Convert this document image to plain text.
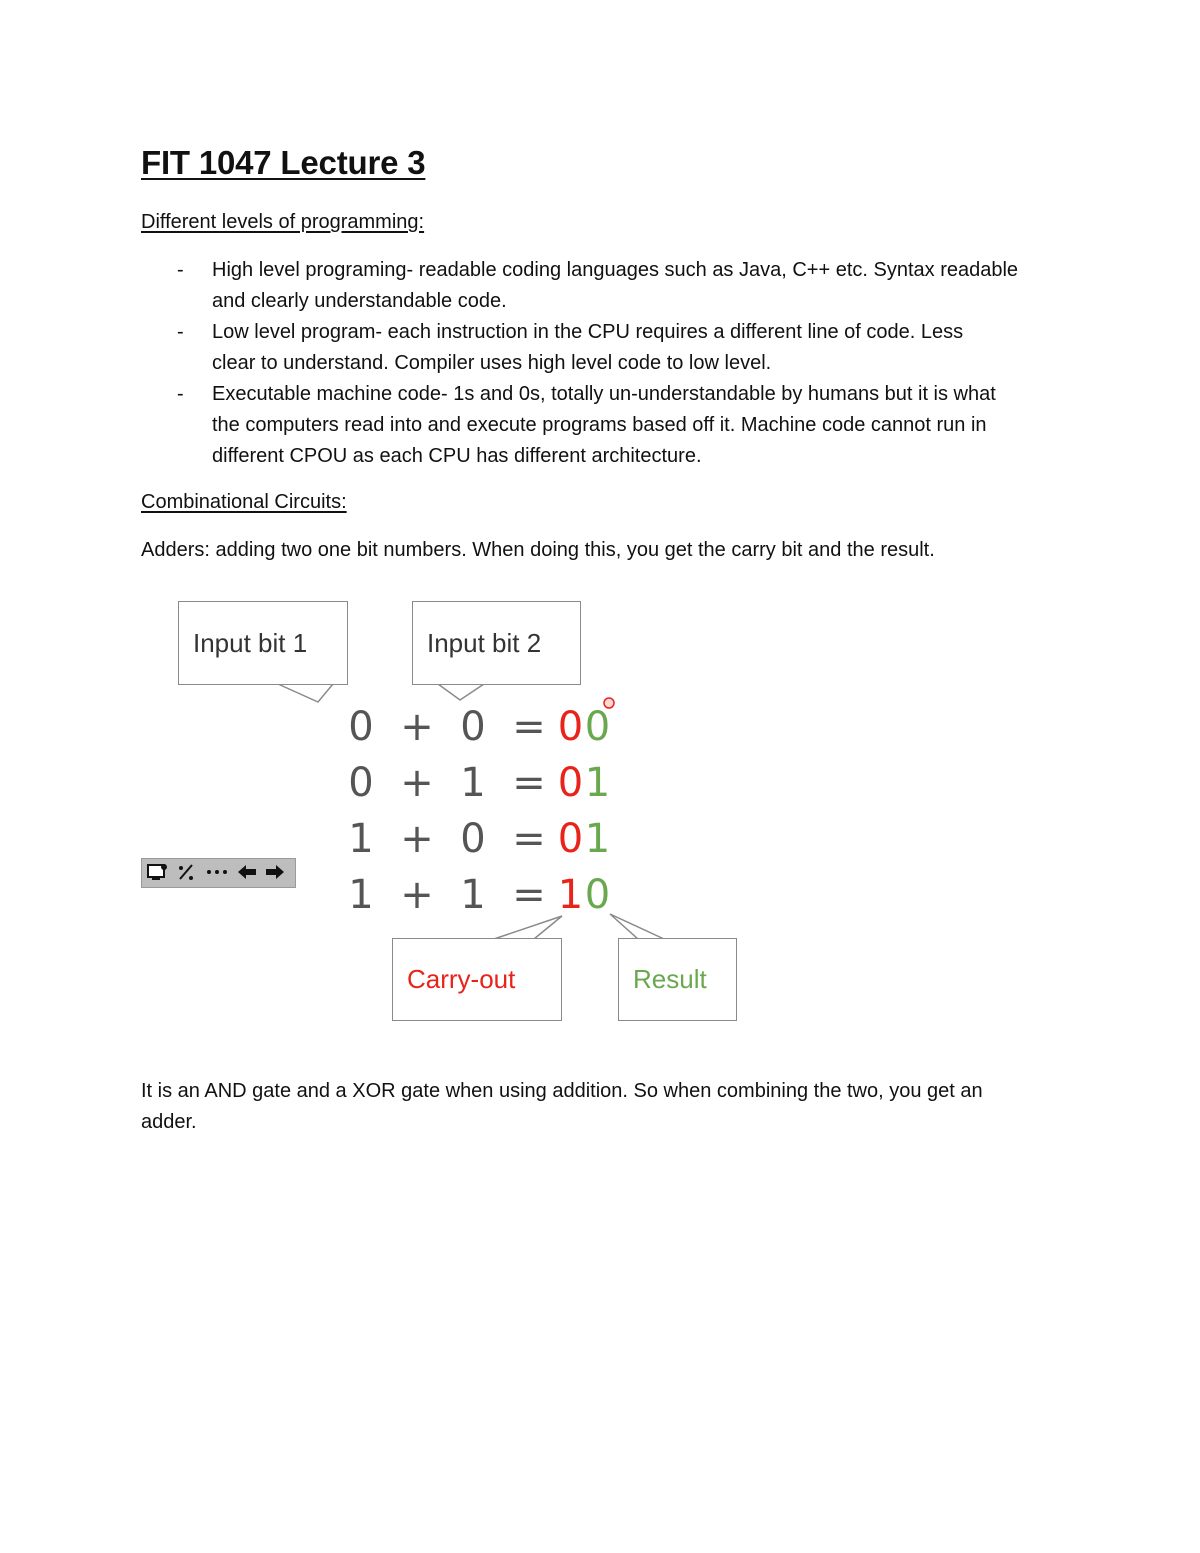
FIT 1047 Lecture 3

Different levels of programming:

- High level programing- readable coding languages such as Java, C++ etc. Syntax readable
and clearly understandable code.
- Low level program- each instruction in the CPU requires a different line of code. Less
clear to understand. Compiler uses high level code to low level.
- Executable machine code- 1s and 0s, totally un-understandable by humans but it is what
the computers read into and execute programs based off it. Machine code cannot run in
different CPOU as each CPU has different architecture.

Combinational Circuits:

Adders: adding two one bit numbers. When doing this, you get the carry bit and the result.

Input bit 1	Input bit 2
0 + 0 = 0 0
0 + 1 = 0 1
1 + 0 = 0 1
1 + 1 = 1 0
Carry-out	Result

It is an AND gate and a XOR gate when using addition. So when combining the two, you get an
adder.
